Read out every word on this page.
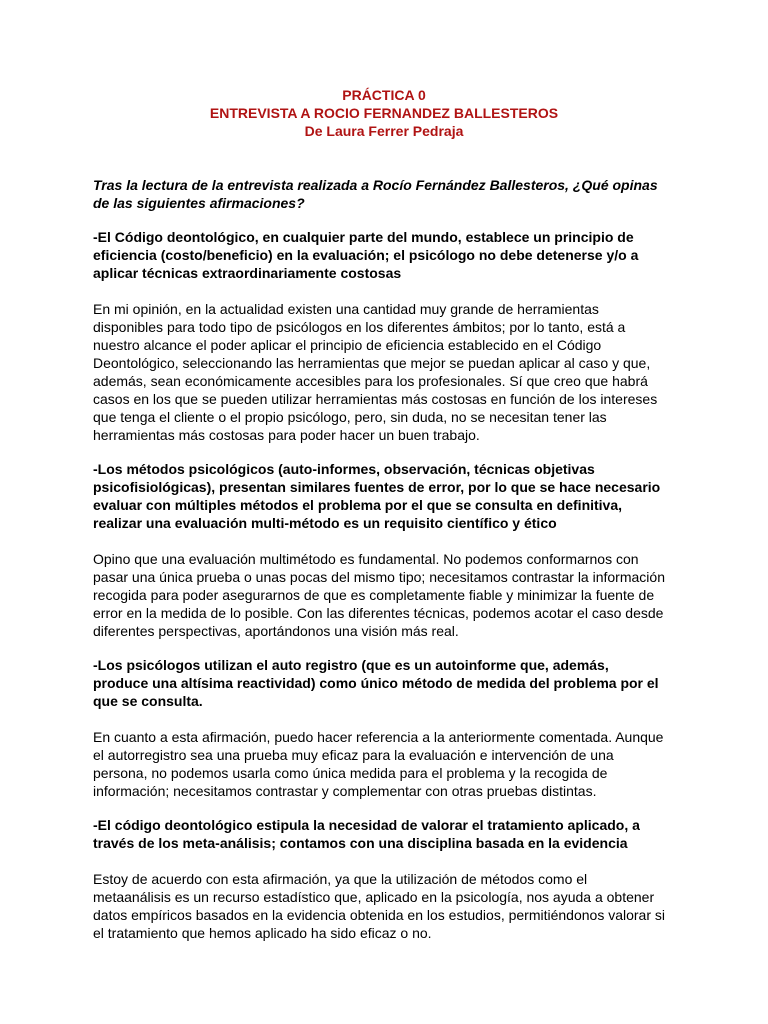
PRÁCTICA 0
ENTREVISTA A ROCIO FERNANDEZ BALLESTEROS
De Laura Ferrer Pedraja
Tras la lectura de la entrevista realizada a Rocío Fernández Ballesteros, ¿Qué opinas
de las siguientes afirmaciones?
-El Código deontológico, en cualquier parte del mundo, establece un principio de
eficiencia (costo/beneficio) en la evaluación; el psicólogo no debe detenerse y/o a
aplicar técnicas extraordinariamente costosas
En mi opinión, en la actualidad existen una cantidad muy grande de herramientas
disponibles para todo tipo de psicólogos en los diferentes ámbitos; por lo tanto, está a
nuestro alcance el poder aplicar el principio de eficiencia establecido en el Código
Deontológico, seleccionando las herramientas que mejor se puedan aplicar al caso y que,
además, sean económicamente accesibles para los profesionales. Sí que creo que habrá
casos en los que se pueden utilizar herramientas más costosas en función de los intereses
que tenga el cliente o el propio psicólogo, pero, sin duda, no se necesitan tener las
herramientas más costosas para poder hacer un buen trabajo.
-Los métodos psicológicos (auto-informes, observación, técnicas objetivas
psicofisiológicas), presentan similares fuentes de error, por lo que se hace necesario
evaluar con múltiples métodos el problema por el que se consulta en definitiva,
realizar una evaluación multi-método es un requisito científico y ético
Opino que una evaluación multimétodo es fundamental. No podemos conformarnos con
pasar una única prueba o unas pocas del mismo tipo; necesitamos contrastar la información
recogida para poder asegurarnos de que es completamente fiable y minimizar la fuente de
error en la medida de lo posible. Con las diferentes técnicas, podemos acotar el caso desde
diferentes perspectivas, aportándonos una visión más real.
-Los psicólogos utilizan el auto registro (que es un autoinforme que, además,
produce una altísima reactividad) como único método de medida del problema por el
que se consulta.
En cuanto a esta afirmación, puedo hacer referencia a la anteriormente comentada. Aunque
el autorregistro sea una prueba muy eficaz para la evaluación e intervención de una
persona, no podemos usarla como única medida para el problema y la recogida de
información; necesitamos contrastar y complementar con otras pruebas distintas.
-El código deontológico estipula la necesidad de valorar el tratamiento aplicado, a
través de los meta-análisis; contamos con una disciplina basada en la evidencia
Estoy de acuerdo con esta afirmación, ya que la utilización de métodos como el
metaanálisis es un recurso estadístico que, aplicado en la psicología, nos ayuda a obtener
datos empíricos basados en la evidencia obtenida en los estudios, permitiéndonos valorar si
el tratamiento que hemos aplicado ha sido eficaz o no.
